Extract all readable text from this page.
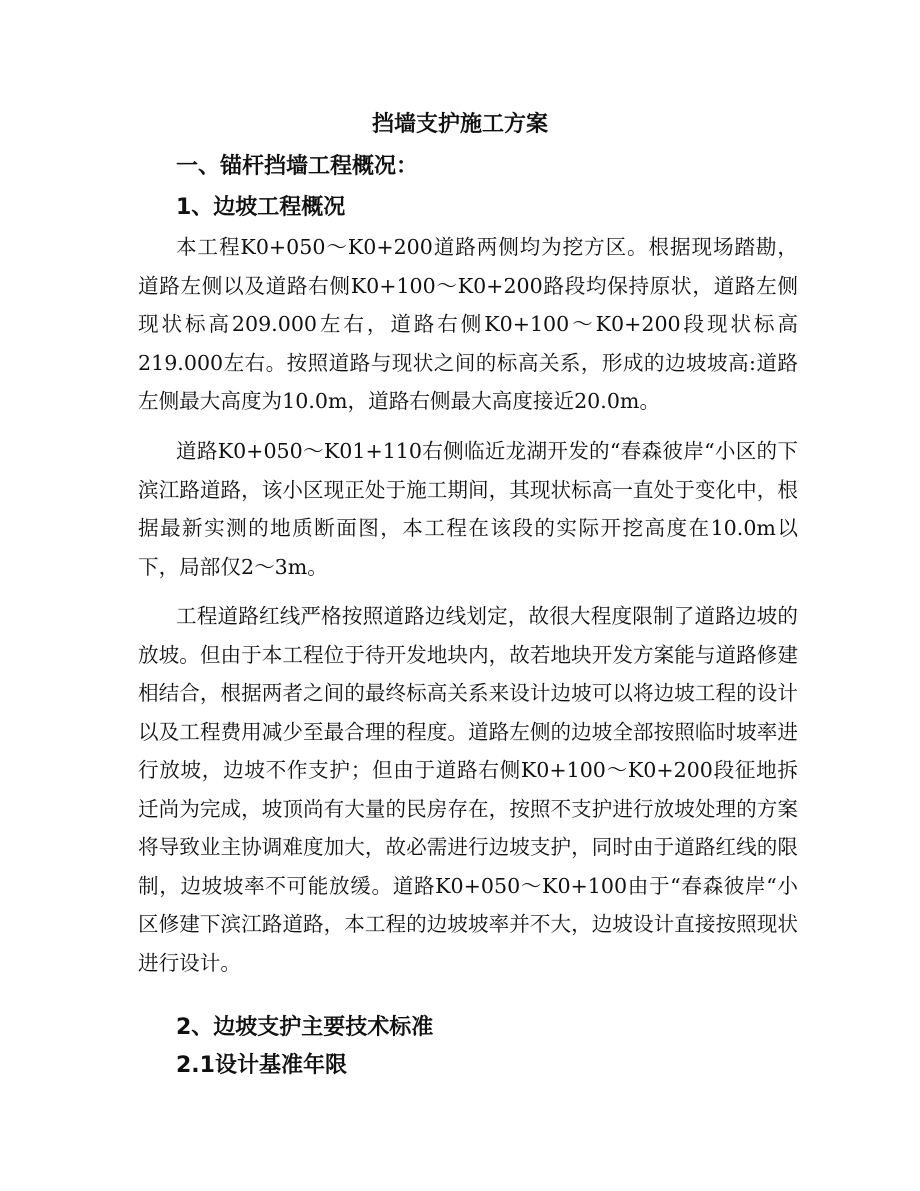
挡墙支护施工方案
一、锚杆挡墙工程概况：
1、边坡工程概况

本工程K0+050～K0+200道路两侧均为挖方区。根据现场踏勘，道路左侧以及道路右侧K0+100～K0+200路段均保持原状，道路左侧现状标高209.000左右，道路右侧K0+100～K0+200段现状标高219.000左右。按照道路与现状之间的标高关系，形成的边坡坡高:道路左侧最大高度为10.0m，道路右侧最大高度接近20.0m。

道路K0+050～K01+110右侧临近龙湖开发的“春森彼岸“小区的下滨江路道路，该小区现正处于施工期间，其现状标高一直处于变化中，根据最新实测的地质断面图，本工程在该段的实际开挖高度在10.0m以下，局部仅2～3m。

工程道路红线严格按照道路边线划定，故很大程度限制了道路边坡的放坡。但由于本工程位于待开发地块内，故若地块开发方案能与道路修建相结合，根据两者之间的最终标高关系来设计边坡可以将边坡工程的设计以及工程费用减少至最合理的程度。道路左侧的边坡全部按照临时坡率进行放坡，边坡不作支护；但由于道路右侧K0+100～K0+200段征地拆迁尚为完成，坡顶尚有大量的民房存在，按照不支护进行放坡处理的方案将导致业主协调难度加大，故必需进行边坡支护，同时由于道路红线的限制，边坡坡率不可能放缓。道路K0+050～K0+100由于“春森彼岸“小区修建下滨江路道路，本工程的边坡坡率并不大，边坡设计直接按照现状进行设计。

2、边坡支护主要技术标准
2.1设计基准年限
